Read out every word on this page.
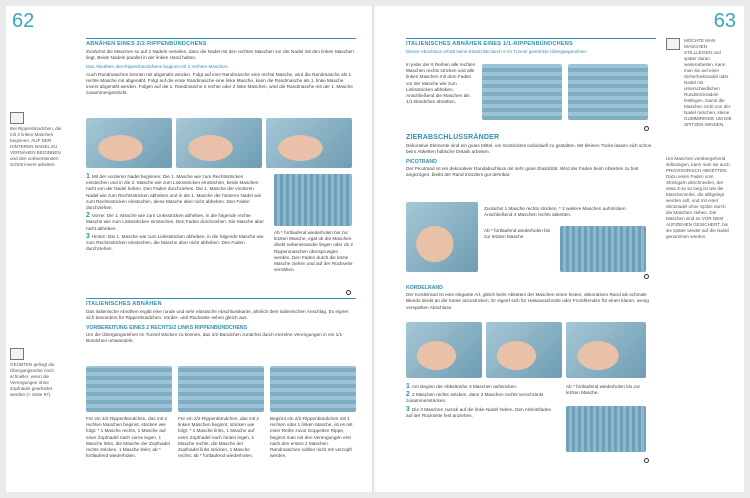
62
Bei Rippenbündchen, die mit 2 linken Maschen beginnen, AUF DER HINTEREN NADEL ZU VERNÄHEN BEGINNEN und den vorbereitenden Schritt invers arbeiten.
GEÜBTEN gelingt die Übergangsreihe noch schneller, wenn die Verengungen ohne Zopfnadel gearbeitet werden (> Seite 97).
ABNÄHEN EINES 2/2-RIPPENBÜNDCHENS

Zunächst die Maschen so auf 2 Nadeln verteilen, dass die Nadel mit den rechten Maschen vor der Nadel mit den linken Maschen liegt. Beide Nadeln parallel in der linken Hand halten.

Das Abnähen des Rippenbündchens beginnt mit 2 rechten Maschen.

Auch Randmaschen können mit abgenäht werden. Folgt auf eine Randmasche eine rechte Masche, wird die Randmasche als 1. rechte Masche mit abgenäht. Folgt auf die erste Randmasche eine linke Masche, kann die Randmasche als 1. linke Masche invers abgenäht werden. Folgen auf die 1. Randmasche 2 rechte oder 2 linke Maschen, wird die Randmasche mit der 1. Masche zusammengestrickt.

1 Mit der vorderen Nadel beginnen: Die 1. Masche wie zum Rechtsstricken einstechen und in die 2. Masche wie zum Linksstricken einstechen, beide Maschen nicht von der Nadel heben. Den Faden durchziehen. Die 1. Masche der vorderen Nadel wie zum Rechtsstricken abheben und in die 1. Masche der hinteren Nadel wie zum Rechtsstricken einstechen, diese Masche aber nicht abheben. Den Faden durchziehen.

2 Vorne: Die 1. Masche wie zum Linksstricken abheben, in die folgende rechte Masche wie zum Linksstricken einstechen. Den Faden durchziehen. Die Masche aber nicht abheben.

3 Hinten: Die 1. Masche wie zum Linksstricken abheben, in die folgende Masche wie zum Rechtsstricken einstechen, die Masche aber nicht abheben. Den Faden durchziehen.

Ab * fortlaufend wiederholen bis zur letzten Masche, egal ob die Maschen direkt nebeneinander liegen oder ob 2 Rippenmaschen übersprungen werden. Den Faden durch die letzte Masche ziehen und auf der Rückseite vernähen.
ITALIENISCHES ABNÄHEN

Das italienische Abnähen ergibt eine runde und sehr elastische Abschlusskante, ähnlich dem italienischen Anschlag. Es eignet sich besonders für Rippenbündchen. Vorder- und Rückseite sehen gleich aus.

VORBEREITUNG EINES 2 RECHTS/2 LINKS RIPPENBÜNDCHENS

Um die Übergangsreihen im Tunnel stricken zu können, das 2/2-Bündchen zunächst durch einzelne Verengungen in ein 1/1-Bündchen umwandeln:

Für ein 2/2-Rippenbündchen, das mit 2 rechten Maschen beginnt, stricken wie folgt: * 1 Masche rechts, 1 Masche auf einer Zopfnadel nach vorne legen, 1 Masche links, die Masche der Zopfnadel rechts stricken, 1 Masche links; ab * fortlaufend wiederholen.
Für ein 2/2-Rippenbündchen, das mit 2 linken Maschen beginnt, stricken wie folgt: * 1 Masche links, 1 Masche auf einer Zopfnadel nach hinten legen, 1 Masche rechts, die Masche der Zopfnadel links stricken, 1 Masche rechts; ab * fortlaufend wiederholen.
Beginnt ein 2/2-Rippenbündchen mit 1 rechten oder 1 linken Masche, ist es mit einer Reihe zuvor Doppelten Rippe, beginnt man mit den Verengungen erst nach den ersten 2 Maschen. Randmaschen sollten nicht mit verzopft werden.
63
ITALIENISCHES ABNÄHEN EINES 1/1-RIPPENBÜNDCHENS

Dieser Abschluss erhält seine Elastizität durch 6 im Tunnel gestrickte Übergangsreihen.

In jeder der 6 Reihen alle rechten Maschen rechts stricken und alle linken Maschen mit dem Faden vor der Masche wie zum Linksstricken abheben. Anschließend die Maschen als 1/1-Bündchen abnähen.
ZIERABSCHLUSSRÄNDER

Dekorative Elemente sind ein gutes Mittel, um Gestricktes individuell zu gestalten. Mit kleinen Tricks lassen sich schon beim Abketten hübsche Details arbeiten.

PICOTRAND

Der Picotrand ist ein dekorativer Randabschluss mit sehr guter Elastizität. Wird der Faden beim Abketten zu fest angezogen, bleibt der Rand trotzdem gut dehnbar.

Zunächst 1 Masche rechts stricken, * 2 weitere Maschen aufstricken. Anschließend 4 Maschen rechts abketten.
Ab * fortlaufend wiederholen bis zur letzten Masche.
KORDELRAND

Der Kordelrand ist eine elegante Art, gleich beim Abketten der Maschen einen festen, dekorativen Rand als schmale Blende direkt an die Kante anzustricken. Er eignet sich für Halsausschnitte oder Fronthlenden für einen klaren, wenig verspielten Abschluss.

1 Am Beginn der Abkettreihe 3 Maschen aufstricken.

2 2 Maschen rechts stricken, dann 2 Maschen rechts verschränkt zusammenstricken.

3 Die 3 Maschen zurück auf die linke Nadel heben. Den Arbeitsfaden auf der Rückseite fest anziehen.

Ab * fortlaufend wiederholen bis zur letzten Masche.
MÖCHTE MAN MASCHEN STILLLEGEN und später daran weiterarbeiten, kann man sie auf einer Sicherheitsnadel oder Nadel mit unterschiedlichen Rundstrickradeln festlegen. Damit die Maschen nicht von der Nadel rutschen, kleine GUMMIRINGE UM DIE SPITZEN WINDEN.
Um Maschen vorübergehend stillzulegen, kann man sie auch PROVISORISCH ABKETTEN. Dazu einen Faden vom Strickgarn abschneiden, der etwa 3-4x so lang ist wie die Maschenreihe, die stillgelegt werden soll, und mit einer Sticknadel ohne Spitze durch die Maschen ziehen. Die Maschen sind so VOR DEM AUFZIEHEN GESICHERT, bis sie später wieder auf die Nadel genommen werden.
